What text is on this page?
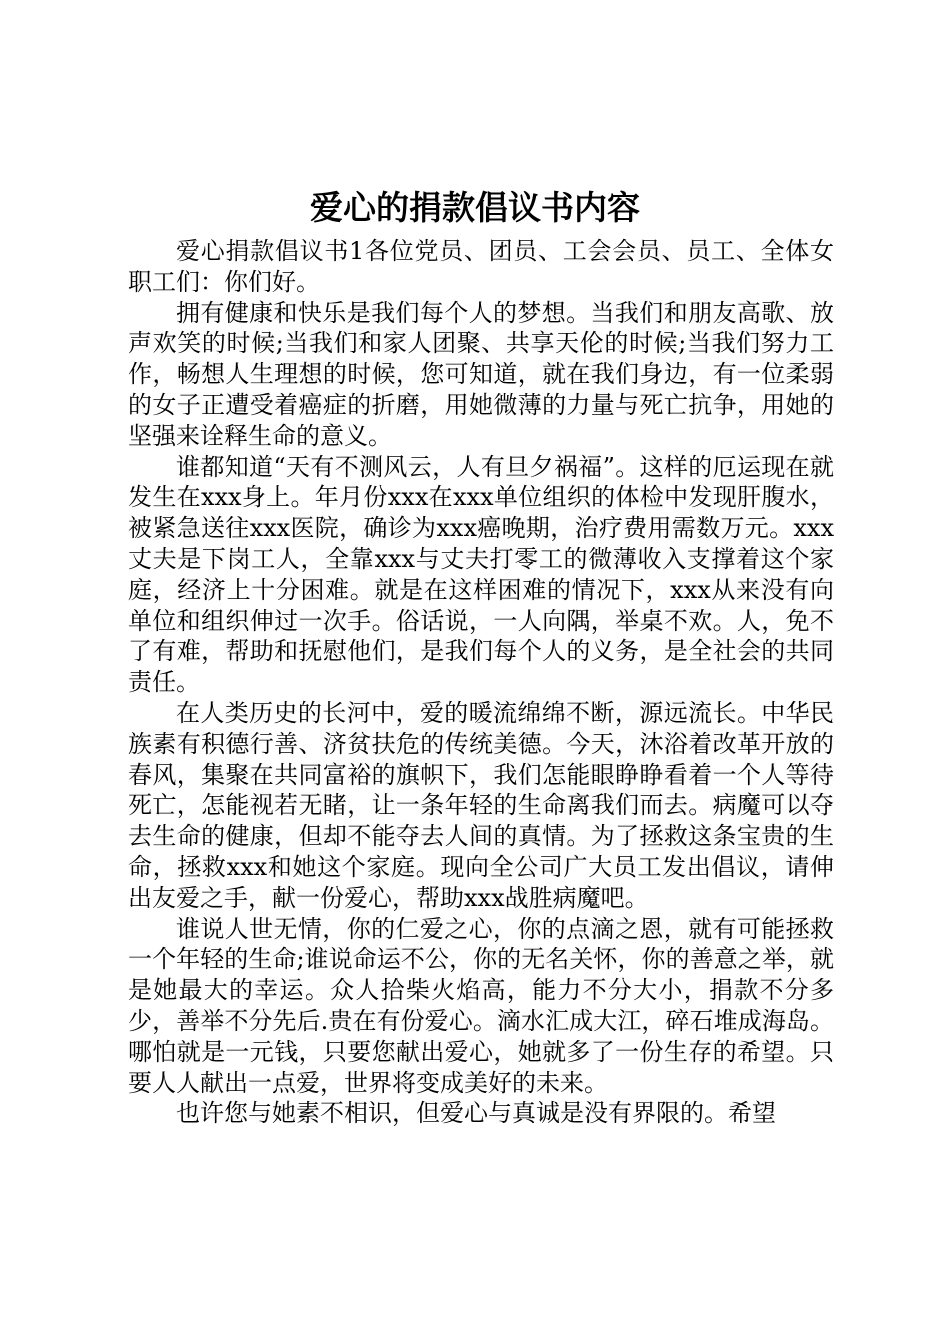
爱心的捐款倡议书内容

爱心捐款倡议书1各位党员、团员、工会会员、员工、全体女职工们：你们好。

拥有健康和快乐是我们每个人的梦想。当我们和朋友高歌、放声欢笑的时候;当我们和家人团聚、共享天伦的时候;当我们努力工作，畅想人生理想的时候，您可知道，就在我们身边，有一位柔弱的女子正遭受着癌症的折磨，用她微薄的力量与死亡抗争，用她的坚强来诠释生命的意义。

谁都知道“天有不测风云，人有旦夕祸福”。这样的厄运现在就发生在xxx身上。年月份xxx在xxx单位组织的体检中发现肝腹水，被紧急送往xxx医院，确诊为xxx癌晚期，治疗费用需数万元。xxx丈夫是下岗工人，全靠xxx与丈夫打零工的微薄收入支撑着这个家庭，经济上十分困难。就是在这样困难的情况下，xxx从来没有向单位和组织伸过一次手。俗话说，一人向隅，举桌不欢。人，免不了有难，帮助和抚慰他们，是我们每个人的义务，是全社会的共同责任。

在人类历史的长河中，爱的暖流绵绵不断，源远流长。中华民族素有积德行善、济贫扶危的传统美德。今天，沐浴着改革开放的春风，集聚在共同富裕的旗帜下，我们怎能眼睁睁看着一个人等待死亡，怎能视若无睹，让一条年轻的生命离我们而去。病魔可以夺去生命的健康，但却不能夺去人间的真情。为了拯救这条宝贵的生命，拯救xxx和她这个家庭。现向全公司广大员工发出倡议，请伸出友爱之手，献一份爱心，帮助xxx战胜病魔吧。

谁说人世无情，你的仁爱之心，你的点滴之恩，就有可能拯救一个年轻的生命;谁说命运不公，你的无名关怀，你的善意之举，就是她最大的幸运。众人拾柴火焰高，能力不分大小，捐款不分多少，善举不分先后.贵在有份爱心。滴水汇成大江，碎石堆成海岛。哪怕就是一元钱，只要您献出爱心，她就多了一份生存的希望。只要人人献出一点爱，世界将变成美好的未来。

也许您与她素不相识，但爱心与真诚是没有界限的。希望
